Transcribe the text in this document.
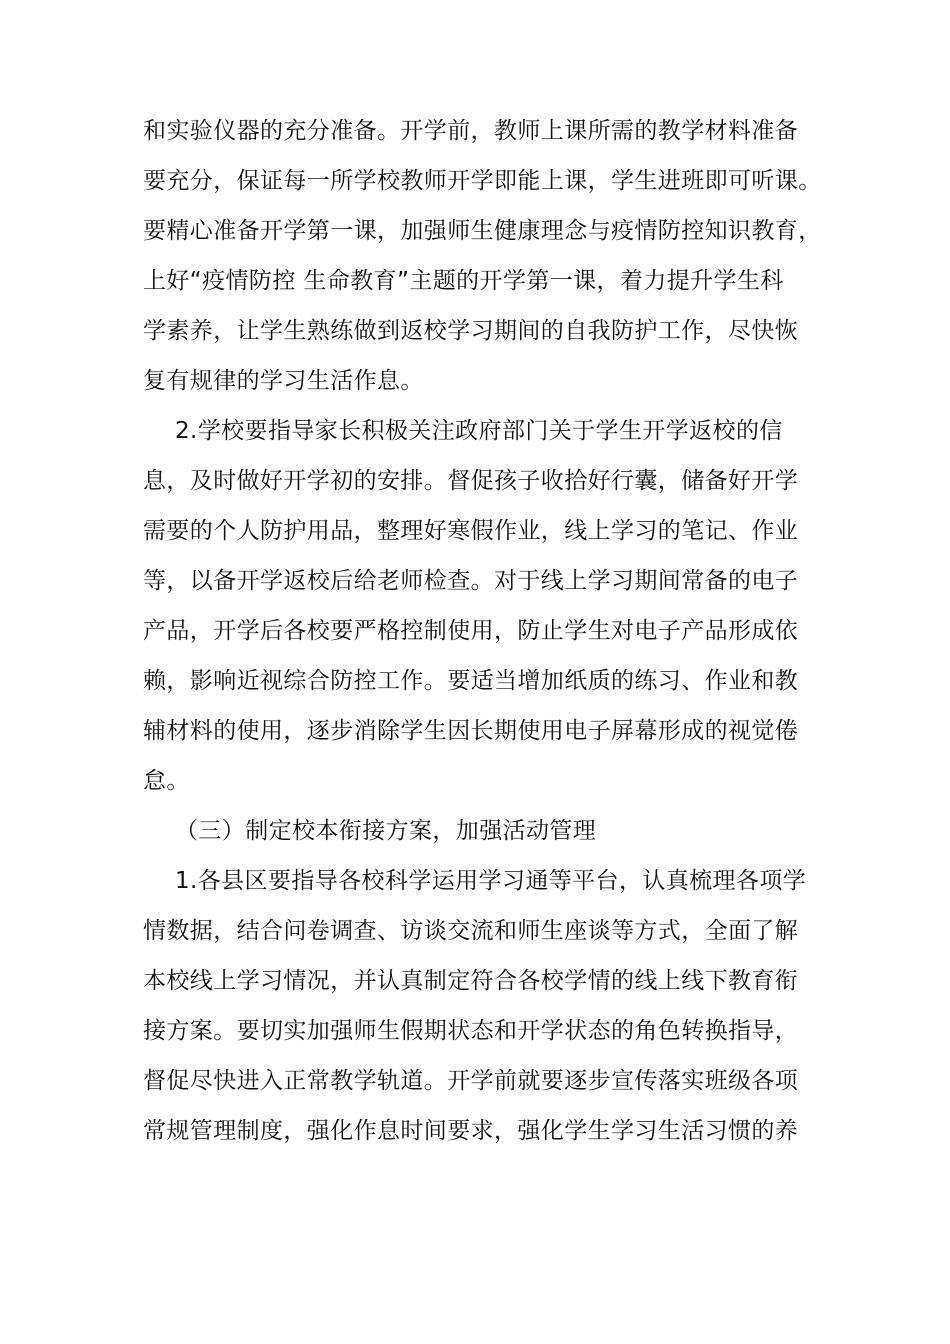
和实验仪器的充分准备。开学前，教师上课所需的教学材料准备
要充分，保证每一所学校教师开学即能上课，学生进班即可听课。
要精心准备开学第一课，加强师生健康理念与疫情防控知识教育，
上好“疫情防控 生命教育”主题的开学第一课，着力提升学生科
学素养，让学生熟练做到返校学习期间的自我防护工作，尽快恢
复有规律的学习生活作息。
2.学校要指导家长积极关注政府部门关于学生开学返校的信
息，及时做好开学初的安排。督促孩子收拾好行囊，储备好开学
需要的个人防护用品，整理好寒假作业，线上学习的笔记、作业
等，以备开学返校后给老师检查。对于线上学习期间常备的电子
产品，开学后各校要严格控制使用，防止学生对电子产品形成依
赖，影响近视综合防控工作。要适当增加纸质的练习、作业和教
辅材料的使用，逐步消除学生因长期使用电子屏幕形成的视觉倦
怠。
（三）制定校本衔接方案，加强活动管理
1.各县区要指导各校科学运用学习通等平台，认真梳理各项学
情数据，结合问卷调查、访谈交流和师生座谈等方式，全面了解
本校线上学习情况，并认真制定符合各校学情的线上线下教育衔
接方案。要切实加强师生假期状态和开学状态的角色转换指导，
督促尽快进入正常教学轨道。开学前就要逐步宣传落实班级各项
常规管理制度，强化作息时间要求，强化学生学习生活习惯的养
